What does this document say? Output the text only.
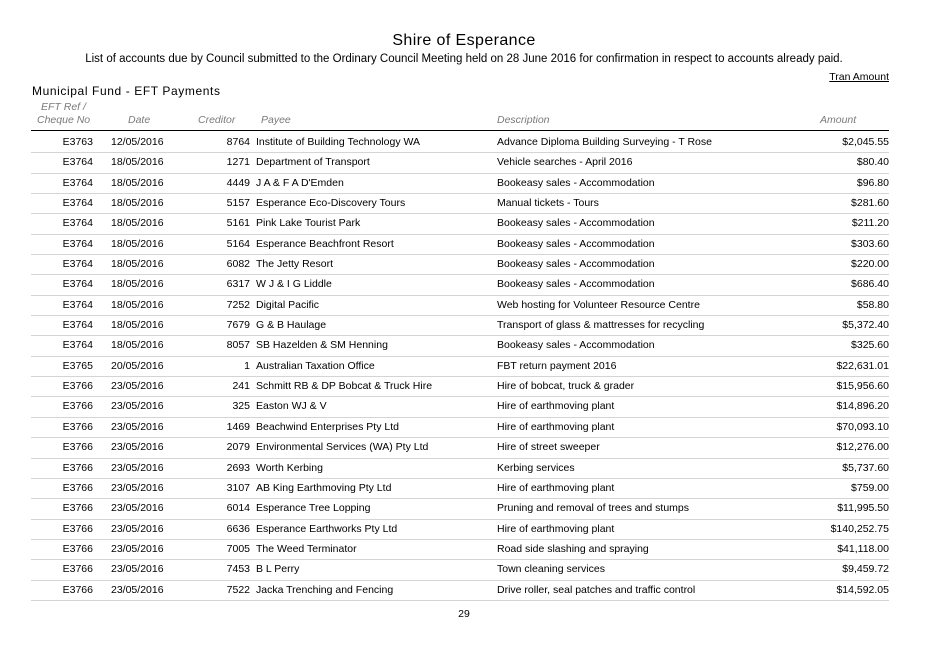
Shire of Esperance
List of accounts due by Council submitted to the Ordinary Council Meeting held on 28 June 2016 for confirmation in respect to accounts already paid.
Tran Amount
Municipal Fund - EFT Payments
EFT Ref /
Cheque No	Date	Creditor Payee	Description	Amount
E3763 12/05/2016	8764 Institute of Building Technology WA	Advance Diploma Building Surveying - T Rose	$2,045.55
E3764 18/05/2016	1271 Department of Transport	Vehicle searches - April 2016	$80.40
E3764 18/05/2016	4449 J A & F A D'Emden	Bookeasy sales - Accommodation	$96.80
E3764 18/05/2016	5157 Esperance Eco-Discovery Tours	Manual tickets - Tours	$281.60
E3764 18/05/2016	5161 Pink Lake Tourist Park	Bookeasy sales - Accommodation	$211.20
E3764 18/05/2016	5164 Esperance Beachfront Resort	Bookeasy sales - Accommodation	$303.60
E3764 18/05/2016	6082 The Jetty Resort	Bookeasy sales - Accommodation	$220.00
E3764 18/05/2016	6317 W J & I G Liddle	Bookeasy sales - Accommodation	$686.40
E3764 18/05/2016	7252 Digital Pacific	Web hosting for Volunteer Resource Centre	$58.80
E3764 18/05/2016	7679 G & B Haulage	Transport of glass & mattresses for recycling	$5,372.40
E3764 18/05/2016	8057 SB Hazelden & SM Henning	Bookeasy sales - Accommodation	$325.60
E3765 20/05/2016	1 Australian Taxation Office	FBT return payment 2016	$22,631.01
E3766 23/05/2016	241 Schmitt RB & DP Bobcat & Truck Hire	Hire of bobcat, truck & grader	$15,956.60
E3766 23/05/2016	325 Easton WJ & V	Hire of earthmoving plant	$14,896.20
E3766 23/05/2016	1469 Beachwind Enterprises Pty Ltd	Hire of earthmoving plant	$70,093.10
E3766 23/05/2016	2079 Environmental Services (WA) Pty Ltd	Hire of street sweeper	$12,276.00
E3766 23/05/2016	2693 Worth Kerbing	Kerbing services	$5,737.60
E3766 23/05/2016	3107 AB King Earthmoving Pty Ltd	Hire of earthmoving plant	$759.00
E3766 23/05/2016	6014 Esperance Tree Lopping	Pruning and removal of trees and stumps	$11,995.50
E3766 23/05/2016	6636 Esperance Earthworks Pty Ltd	Hire of earthmoving plant	$140,252.75
E3766 23/05/2016	7005 The Weed Terminator	Road side slashing and spraying	$41,118.00
E3766 23/05/2016	7453 B L Perry	Town cleaning services	$9,459.72
E3766 23/05/2016	7522 Jacka Trenching and Fencing	Drive roller, seal patches and traffic control	$14,592.05
29
